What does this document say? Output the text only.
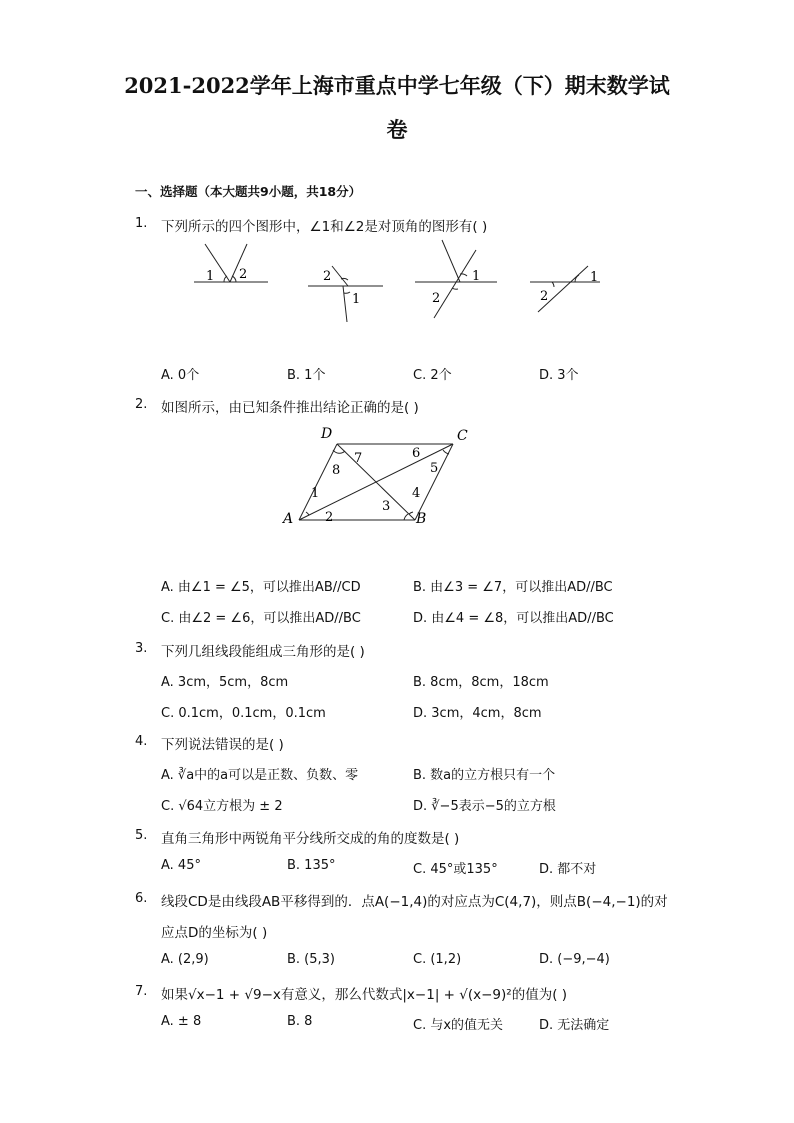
2021-2022学年上海市重点中学七年级（下）期末数学试
卷
一、选择题（本大题共9小题，共18分）
1. 下列所示的四个图形中，∠1和∠2是对顶角的图形有( )
1 2	2
1
1
2
1
2
A. 0个	B. 1个	C. 2个	D. 3个
2. 如图所示，由已知条件推出结论正确的是( )
D	C
A	B
1
2
3
4
5
6
7
8
A. 由∠1 = ∠5，可以推出AB//CD	B. 由∠3 = ∠7，可以推出AD//BC
C. 由∠2 = ∠6，可以推出AD//BC	D. 由∠4 = ∠8，可以推出AD//BC
3. 下列几组线段能组成三角形的是( )
A. 3cm，5cm，8cm	B. 8cm，8cm，18cm
C. 0.1cm，0.1cm，0.1cm	D. 3cm，4cm，8cm
4. 下列说法错误的是( )
A. ∛a中的a可以是正数、负数、零	B. 数a的立方根只有一个
C. √64立方根为 ± 2	D. ∛−5表示−5的立方根
5. 直角三角形中两锐角平分线所交成的角的度数是( )
A. 45°	B. 135°	C. 45°或135°	D. 都不对
6. 线段CD是由线段AB平移得到的．点A(−1,4)的对应点为C(4,7)，则点B(−4,−1)的对
应点D的坐标为( )
A. (2,9)	B. (5,3)	C. (1,2)	D. (−9,−4)
7. 如果√x−1 + √9−x有意义，那么代数式|x−1| + √(x−9)²的值为( )
A. ± 8	B. 8	C. 与x的值无关	D. 无法确定
